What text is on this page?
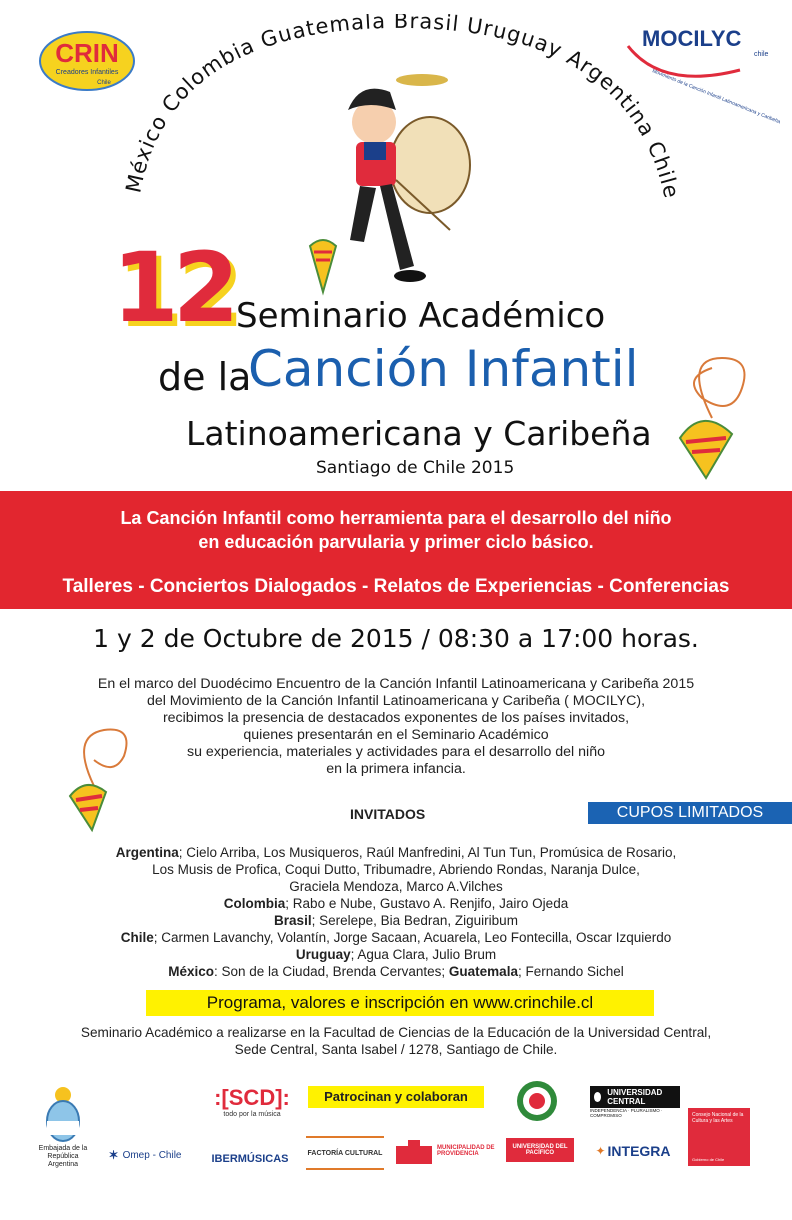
CRIN
Creadores Infantiles
Chile
MOCILYC
chile
Movimiento de la Canción Infantil Latinoamericana y Caribeña
México Colombia Guatemala Brasil Uruguay Argentina Chile
12 Seminario Académico
de la
Canción Infantil
Latinoamericana y Caribeña
Santiago de Chile 2015
La Canción Infantil como herramienta para el desarrollo del niño
en educación parvularia y primer ciclo básico.
Talleres - Conciertos Dialogados - Relatos de Experiencias - Conferencias
1 y 2 de Octubre de 2015 / 08:30 a 17:00 horas.
En el marco del Duodécimo Encuentro de la Canción Infantil Latinoamericana y Caribeña 2015
del Movimiento de la Canción Infantil Latinoamericana y Caribeña ( MOCILYC),
recibimos la presencia de destacados exponentes de los países invitados,
quienes presentarán en el Seminario Académico
su experiencia, materiales y actividades para el desarrollo del niño
en la primera infancia.
INVITADOS	CUPOS LIMITADOS
Argentina; Cielo Arriba, Los Musiqueros, Raúl Manfredini, Al Tun Tun, Promúsica de Rosario,
Los Musis de Profica, Coqui Dutto, Tribumadre, Abriendo Rondas, Naranja Dulce,
Graciela Mendoza, Marco A.Vilches
Colombia; Rabo e Nube, Gustavo A. Renjifo, Jairo Ojeda
Brasil; Serelepe, Bia Bedran, Ziguiribum
Chile; Carmen Lavanchy, Volantín, Jorge Sacaan, Acuarela, Leo Fontecilla, Oscar Izquierdo
Uruguay; Agua Clara, Julio Brum
México: Son de la Ciudad, Brenda Cervantes; Guatemala; Fernando Sichel
Programa, valores e inscripción en www.crinchile.cl
Seminario Académico a realizarse en la Facultad de Ciencias de la Educación de la Universidad Central,
Sede Central, Santa Isabel / 1278, Santiago de Chile.
Patrocinan y colaboran
Embajada de la República Argentina
:[SCD]:
todo por la música
UNIVERSIDAD CENTRAL
INDEPENDENCIA · PLURALISMO · COMPROMISO	Consejo Nacional de la Cultura y las Artes
Gobierno de Chile
✶ Omep - Chile	IBERMÚSICAS	FACTORÍA CULTURAL
MUNICIPALIDAD DE PROVIDENCIA
UNIVERSIDAD DEL PACÍFICO	✦ INTEGRA
